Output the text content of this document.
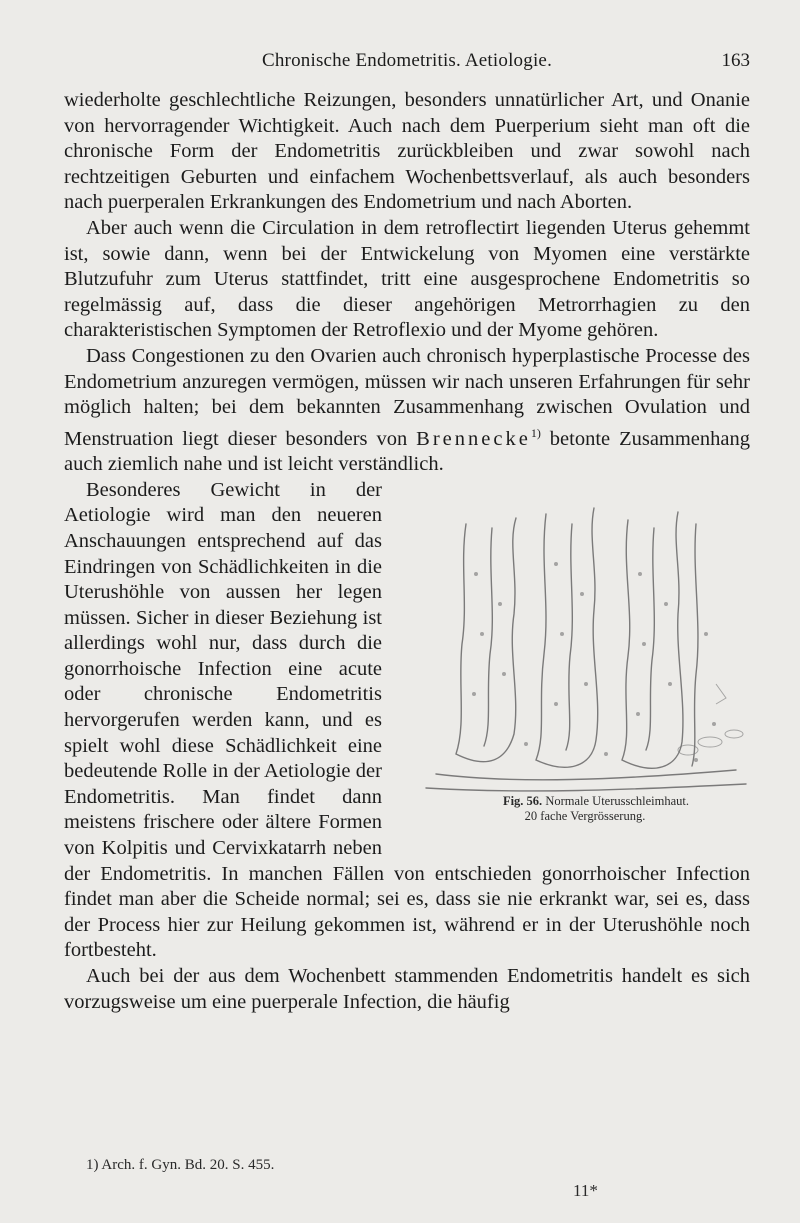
Chronische Endometritis. Aetiologie.	163

wiederholte geschlechtliche Reizungen, besonders unnatürlicher Art, und Onanie von hervorragender Wichtigkeit. Auch nach dem Puerperium sieht man oft die chronische Form der Endometritis zurückbleiben und zwar sowohl nach rechtzeitigen Geburten und einfachem Wochenbettsverlauf, als auch besonders nach puerperalen Erkrankungen des Endometrium und nach Aborten.

Aber auch wenn die Circulation in dem retroflectirt liegenden Uterus gehemmt ist, sowie dann, wenn bei der Entwickelung von Myomen eine verstärkte Blutzufuhr zum Uterus stattfindet, tritt eine ausgesprochene Endometritis so regelmässig auf, dass die dieser angehörigen Metrorrhagien zu den charakteristischen Symptomen der Retroflexio und der Myome gehören.

Dass Congestionen zu den Ovarien auch chronisch hyperplastische Processe des Endometrium anzuregen vermögen, müssen wir nach unseren Erfahrungen für sehr möglich halten; bei dem bekannten Zusammenhang zwischen Ovulation und Menstruation liegt dieser besonders von Brennecke$^{1)}$ betonte Zusammenhang auch ziemlich nahe und ist leicht verständlich.

Fig. 56. Normale Uterusschleimhaut.
20 fache Vergrösserung.
Besonderes Gewicht in der Aetiologie wird man den neueren Anschauungen entsprechend auf das Eindringen von Schädlichkeiten in die Uterushöhle von aussen her legen müssen. Sicher in dieser Beziehung ist allerdings wohl nur, dass durch die gonorrhoische Infection eine acute oder chronische Endometritis hervorgerufen werden kann, und es spielt wohl diese Schädlichkeit eine bedeutende Rolle in der Aetiologie der Endometritis. Man findet dann meistens frischere oder ältere Formen von Kolpitis und Cervixkatarrh neben der Endometritis. In manchen Fällen von entschieden gonorrhoischer Infection findet man aber die Scheide normal; sei es, dass sie nie erkrankt war, sei es, dass der Process hier zur Heilung gekommen ist, während er in der Uterushöhle noch fortbesteht.

Auch bei der aus dem Wochenbett stammenden Endometritis handelt es sich vorzugsweise um eine puerperale Infection, die häufig

1) Arch. f. Gyn. Bd. 20. S. 455.
11*
